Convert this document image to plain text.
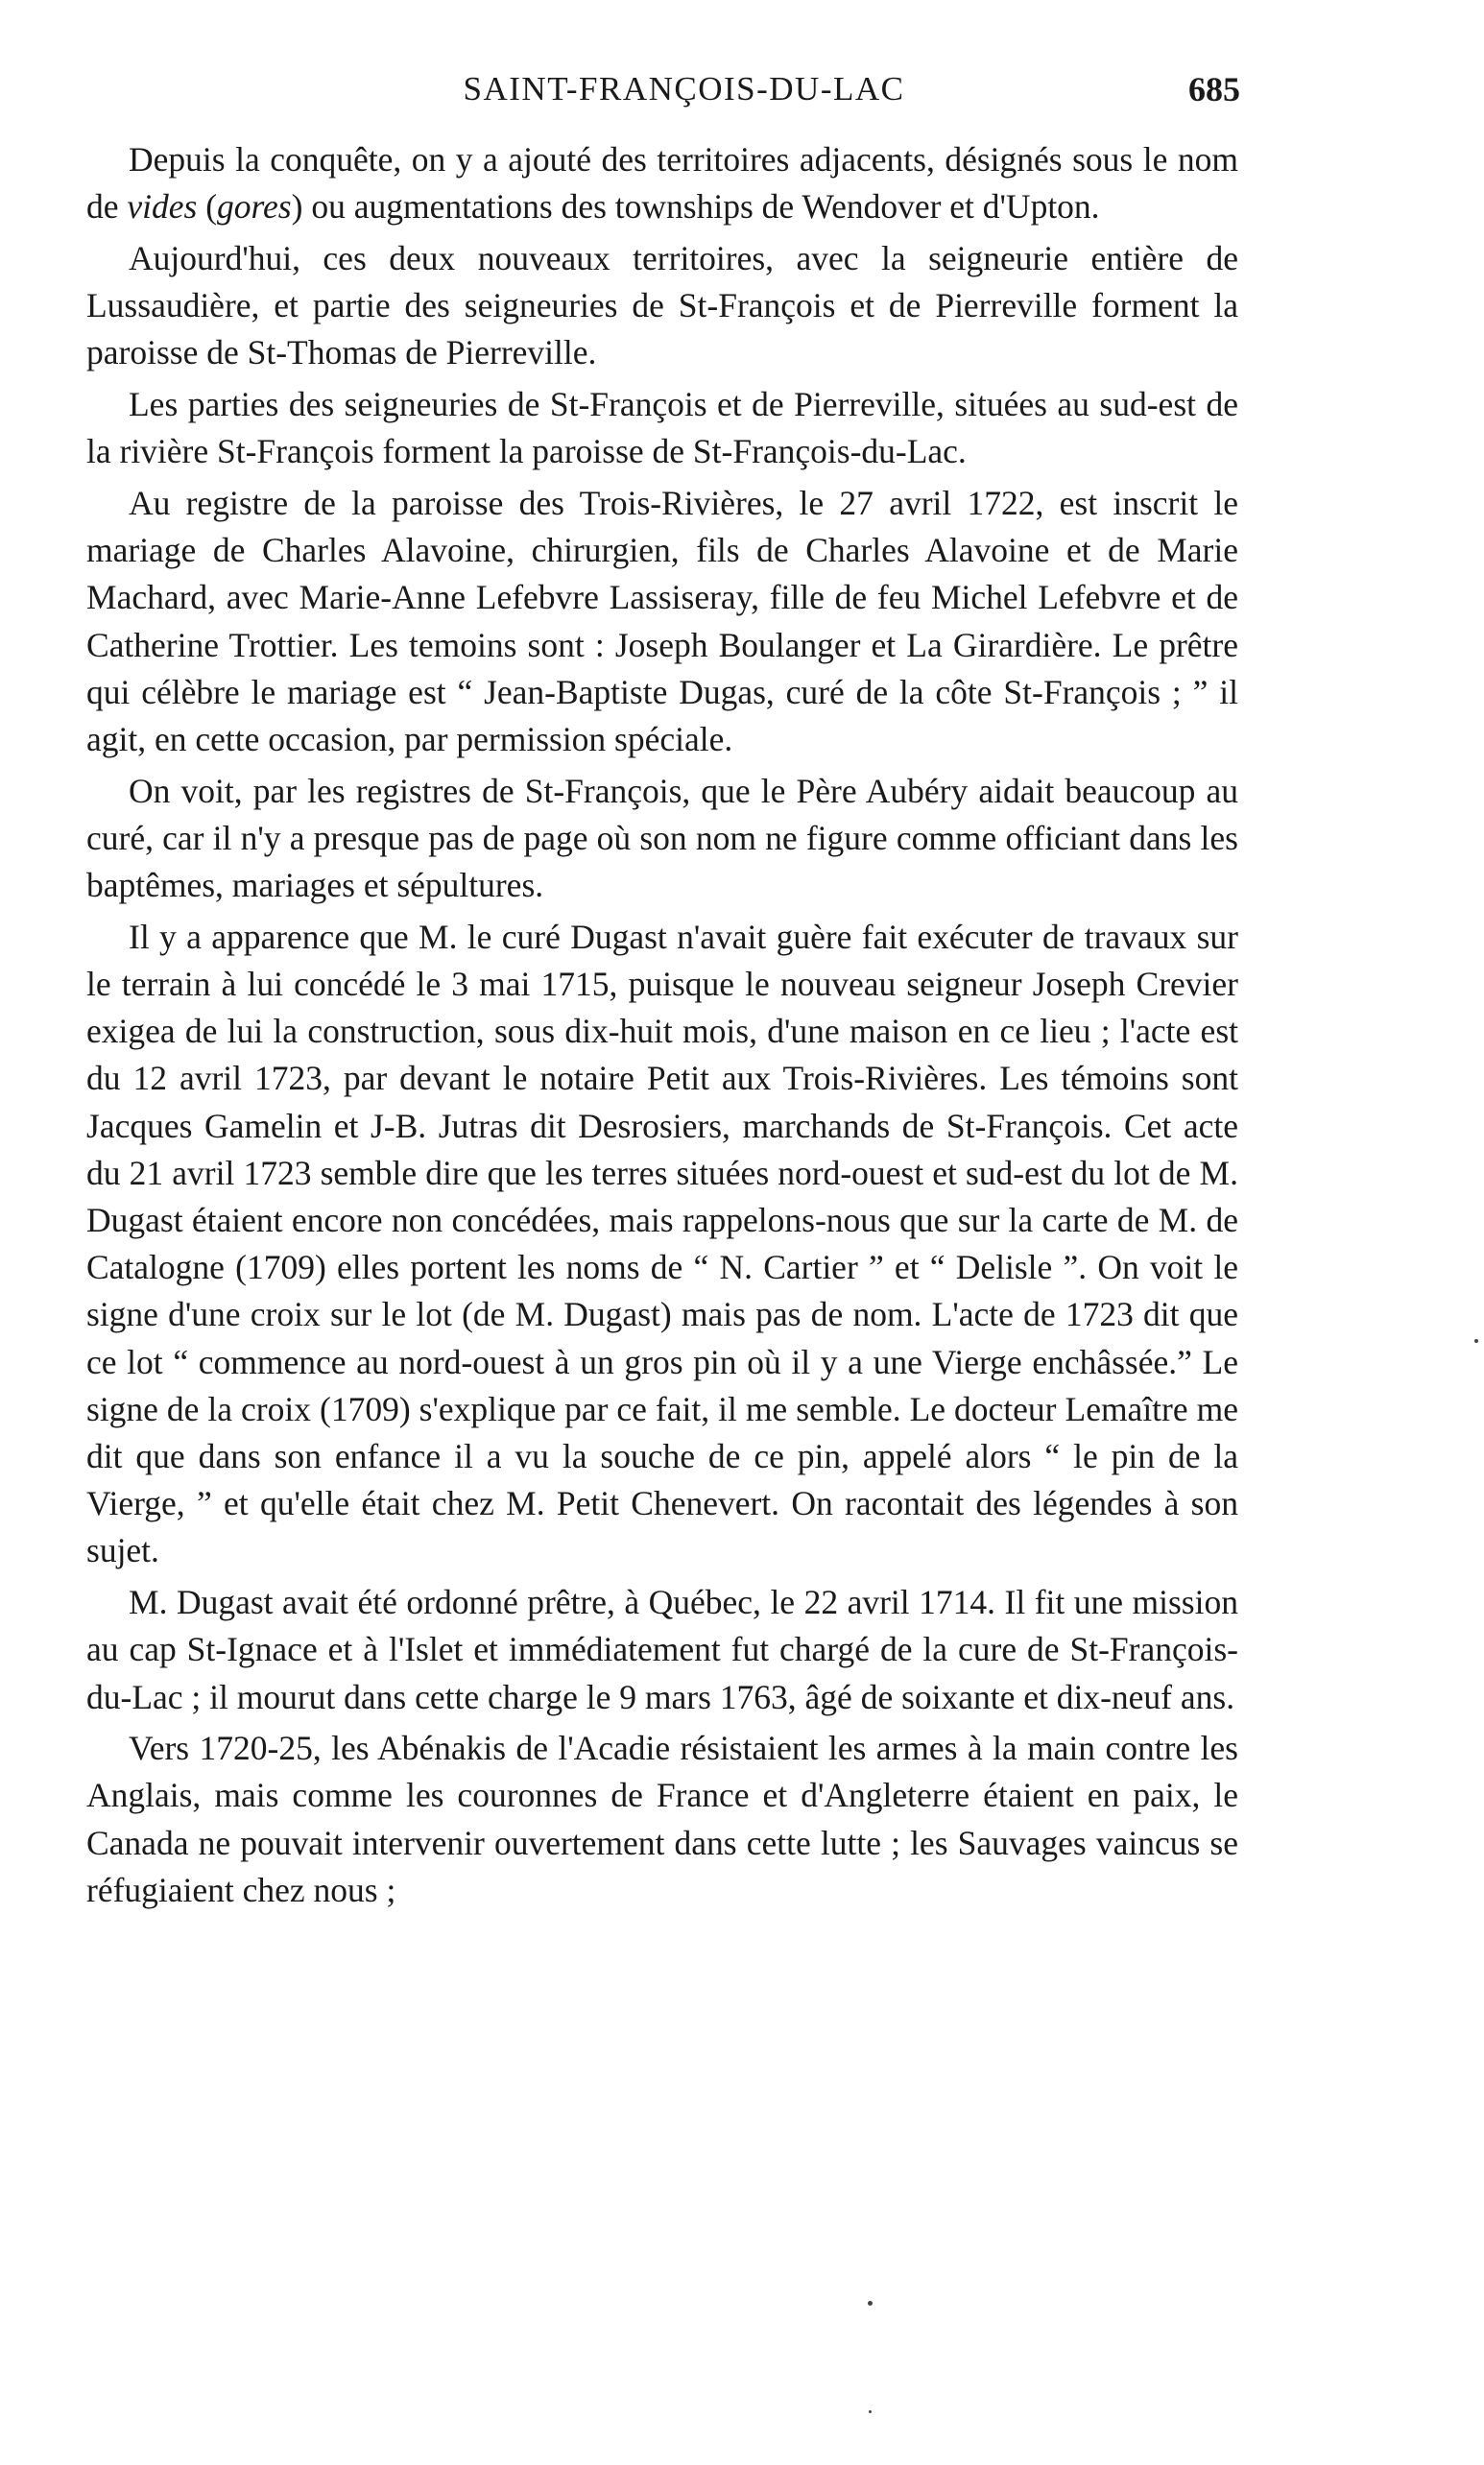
SAINT-FRANÇOIS-DU-LAC	685

Depuis la conquête, on y a ajouté des territoires adjacents, désignés sous le nom de vides (gores) ou augmentations des townships de Wendover et d'Upton.

Aujourd'hui, ces deux nouveaux territoires, avec la seigneurie entière de Lussaudière, et partie des seigneuries de St-François et de Pierreville forment la paroisse de St-Thomas de Pierreville.

Les parties des seigneuries de St-François et de Pierreville, situées au sud-est de la rivière St-François forment la paroisse de St-François-du-Lac.

Au registre de la paroisse des Trois-Rivières, le 27 avril 1722, est inscrit le mariage de Charles Alavoine, chirurgien, fils de Charles Alavoine et de Marie Machard, avec Marie-Anne Lefebvre Lassiseray, fille de feu Michel Lefebvre et de Catherine Trottier. Les temoins sont : Joseph Boulanger et La Girardière. Le prêtre qui célèbre le mariage est “ Jean-Baptiste Dugas, curé de la côte St-François ; ” il agit, en cette occasion, par permission spéciale.

On voit, par les registres de St-François, que le Père Aubéry aidait beaucoup au curé, car il n'y a presque pas de page où son nom ne figure comme officiant dans les baptêmes, mariages et sépultures.

Il y a apparence que M. le curé Dugast n'avait guère fait exécuter de travaux sur le terrain à lui concédé le 3 mai 1715, puisque le nouveau seigneur Joseph Crevier exigea de lui la construction, sous dix-huit mois, d'une maison en ce lieu ; l'acte est du 12 avril 1723, par devant le notaire Petit aux Trois-Rivières. Les témoins sont Jacques Gamelin et J-B. Jutras dit Desrosiers, marchands de St-François. Cet acte du 21 avril 1723 semble dire que les terres situées nord-ouest et sud-est du lot de M. Dugast étaient encore non concédées, mais rappelons-nous que sur la carte de M. de Catalogne (1709) elles portent les noms de “ N. Cartier ” et “ Delisle ”. On voit le signe d'une croix sur le lot (de M. Dugast) mais pas de nom. L'acte de 1723 dit que ce lot “ commence au nord-ouest à un gros pin où il y a une Vierge enchâssée.” Le signe de la croix (1709) s'explique par ce fait, il me semble. Le docteur Lemaître me dit que dans son enfance il a vu la souche de ce pin, appelé alors “ le pin de la Vierge, ” et qu'elle était chez M. Petit Chenevert. On racontait des légendes à son sujet.

M. Dugast avait été ordonné prêtre, à Québec, le 22 avril 1714. Il fit une mission au cap St-Ignace et à l'Islet et immédiatement fut chargé de la cure de St-François-du-Lac ; il mourut dans cette charge le 9 mars 1763, âgé de soixante et dix-neuf ans.

Vers 1720-25, les Abénakis de l'Acadie résistaient les armes à la main contre les Anglais, mais comme les couronnes de France et d'Angleterre étaient en paix, le Canada ne pouvait intervenir ouvertement dans cette lutte ; les Sauvages vaincus se réfugiaient chez nous ;
